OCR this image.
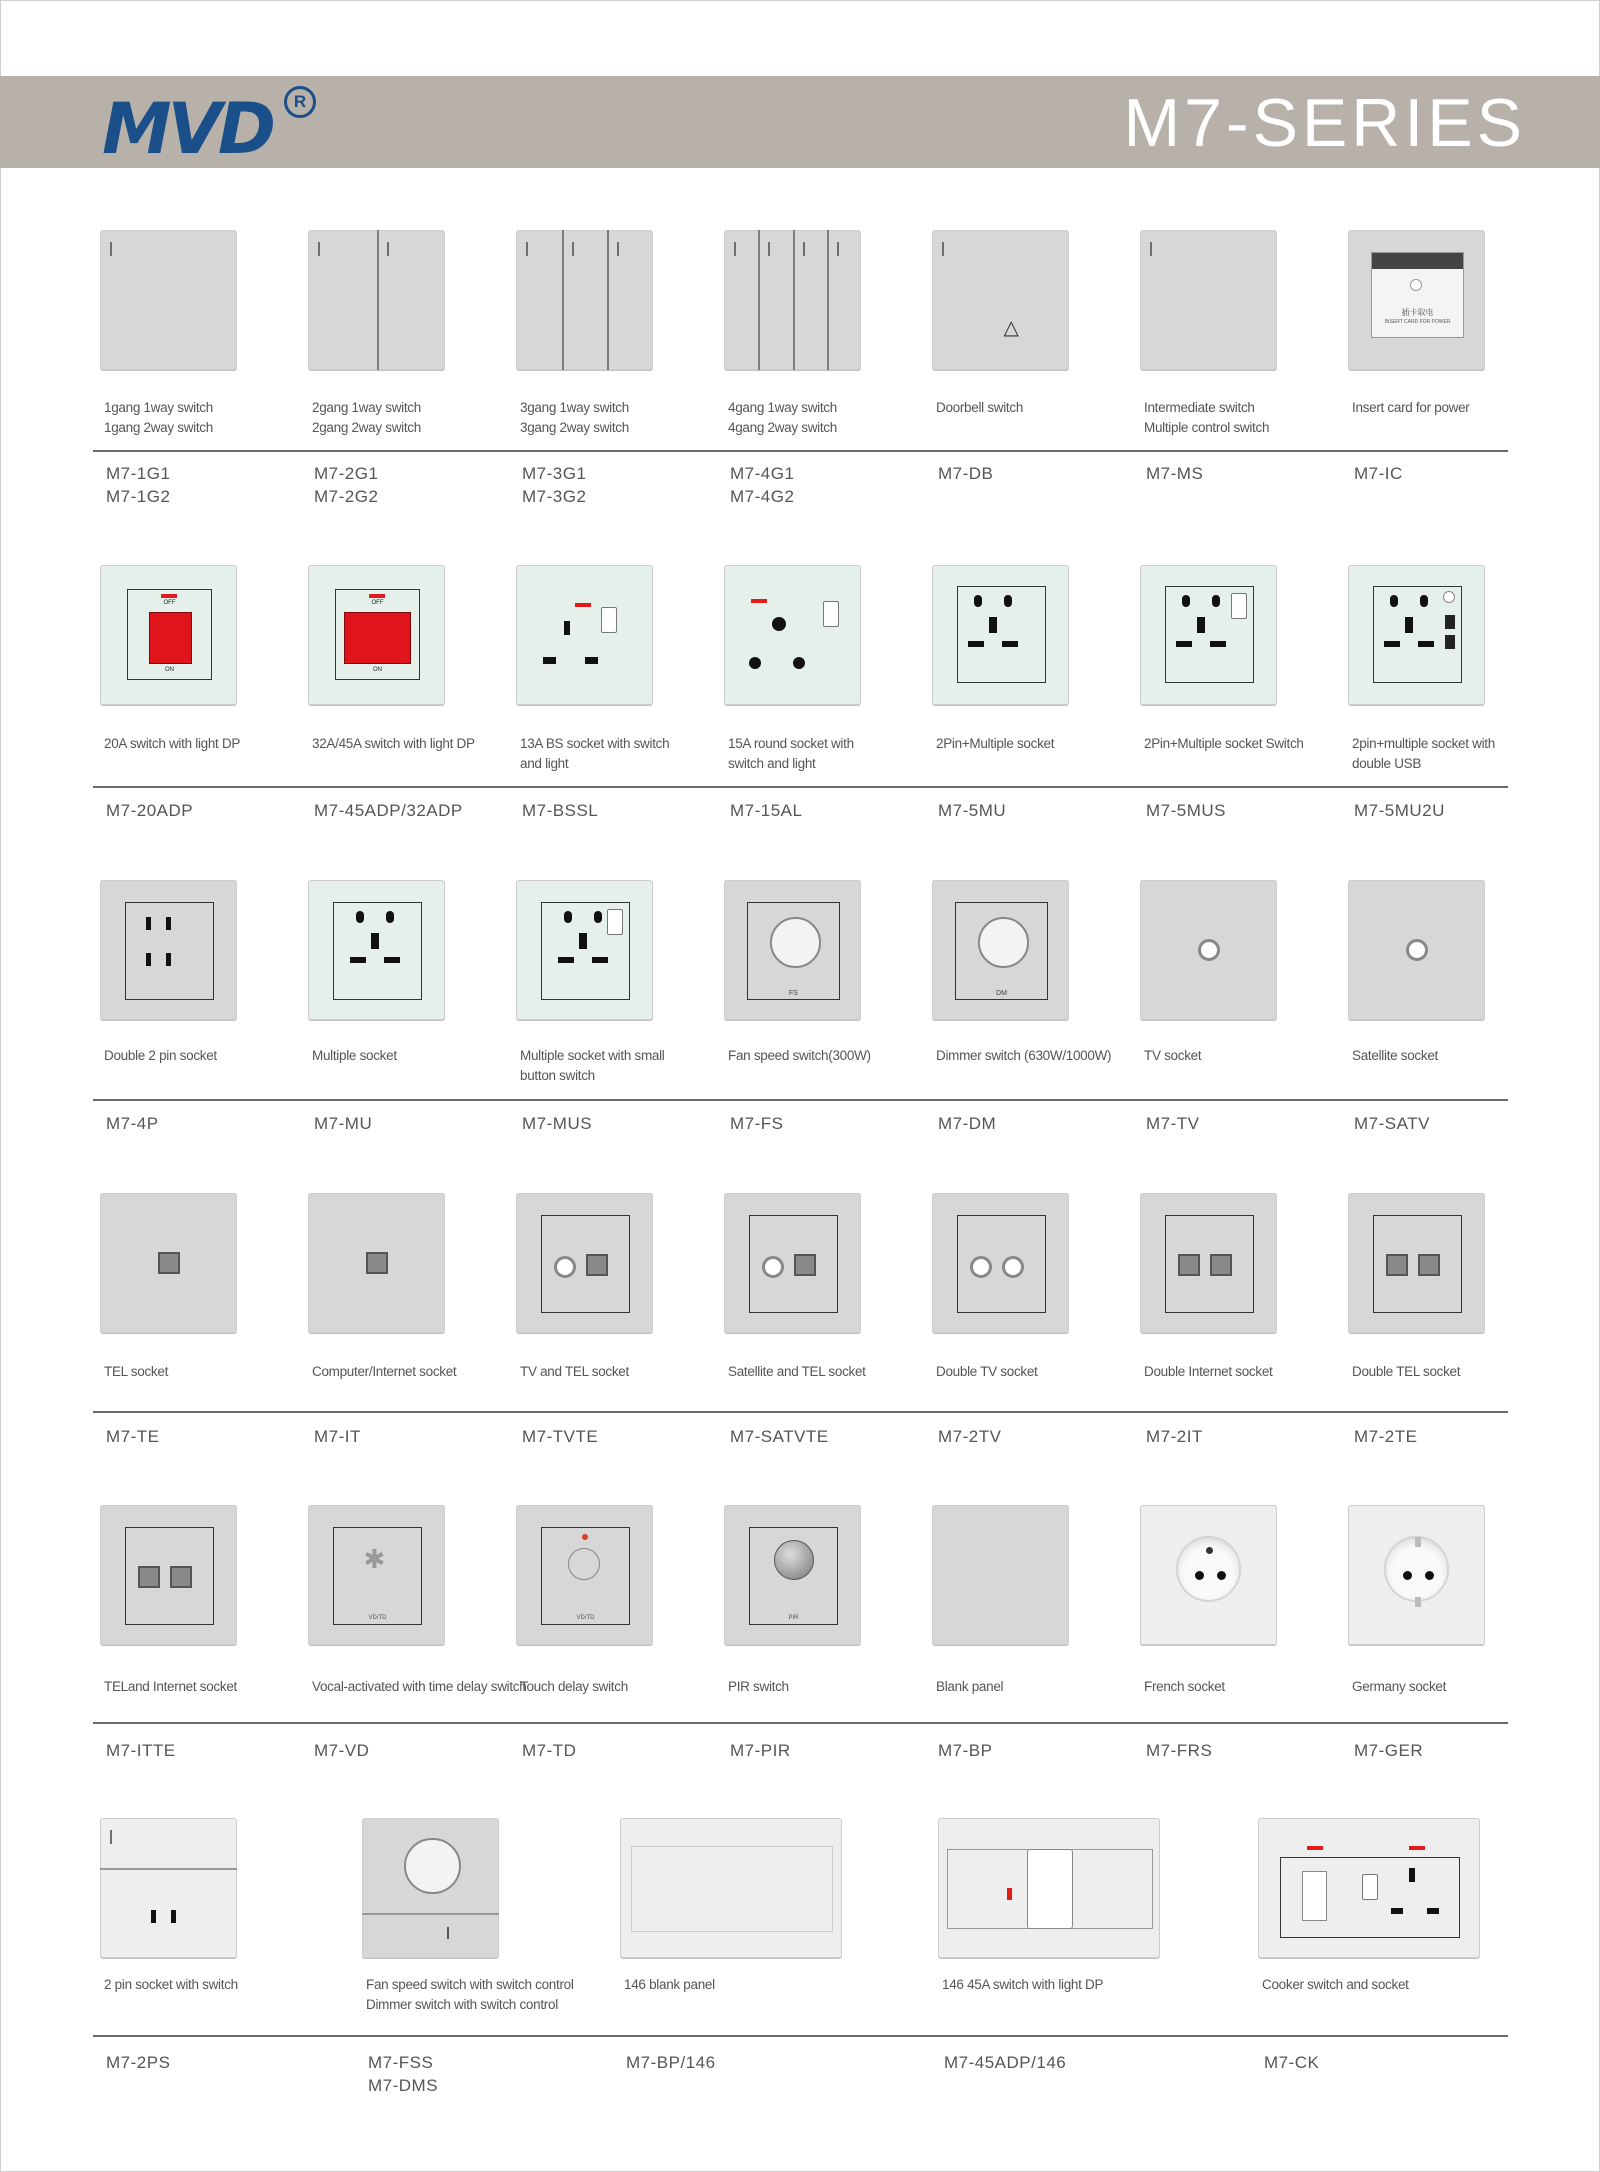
MVD	R	M7-SERIES
1gang 1way switch
1gang 2way switch
M7-1G1
M7-1G2
2gang 1way switch
2gang 2way switch
M7-2G1
M7-2G2
3gang 1way switch
3gang 2way switch
M7-3G1
M7-3G2
4gang 1way switch
4gang 2way switch
M7-4G1
M7-4G2
△
Doorbell switch
M7-DB
Intermediate switch
Multiple control switch
M7-MS
插卡取电
INSERT CARD FOR POWER
Insert card for power
M7-IC
OFF
ON
20A switch with light DP
M7-20ADP
OFF
ON
32A/45A switch with light DP
M7-45ADP/32ADP
13A BS socket with switch
and light
M7-BSSL
15A round socket with
switch and light
M7-15AL
2Pin+Multiple socket
M7-5MU
2Pin+Multiple socket Switch
M7-5MUS
2pin+multiple socket with
double USB
M7-5MU2U
Double 2 pin socket
M7-4P
Multiple socket
M7-MU
Multiple socket with small
button switch
M7-MUS
FS
Fan speed switch(300W)
M7-FS
DM
Dimmer switch (630W/1000W)
M7-DM
TV socket
M7-TV
Satellite socket
M7-SATV
TEL socket
M7-TE
Computer/Internet socket
M7-IT
TV and TEL socket
M7-TVTE
Satellite and TEL socket
M7-SATVTE
Double TV socket
M7-2TV
Double Internet socket
M7-2IT
Double TEL socket
M7-2TE
TELand Internet socket
M7-ITTE
✱
VD/TD
Vocal-activated with time delay switch
M7-VD
VD/TD
Touch delay switch
M7-TD
PIR
PIR switch
M7-PIR
Blank panel
M7-BP
French socket
M7-FRS
Germany socket
M7-GER
2 pin socket with switch
M7-2PS
Fan speed switch with switch control
Dimmer switch with switch control
M7-FSS
M7-DMS
146 blank panel
M7-BP/146
146 45A switch with light DP
M7-45ADP/146
Cooker switch and socket
M7-CK
